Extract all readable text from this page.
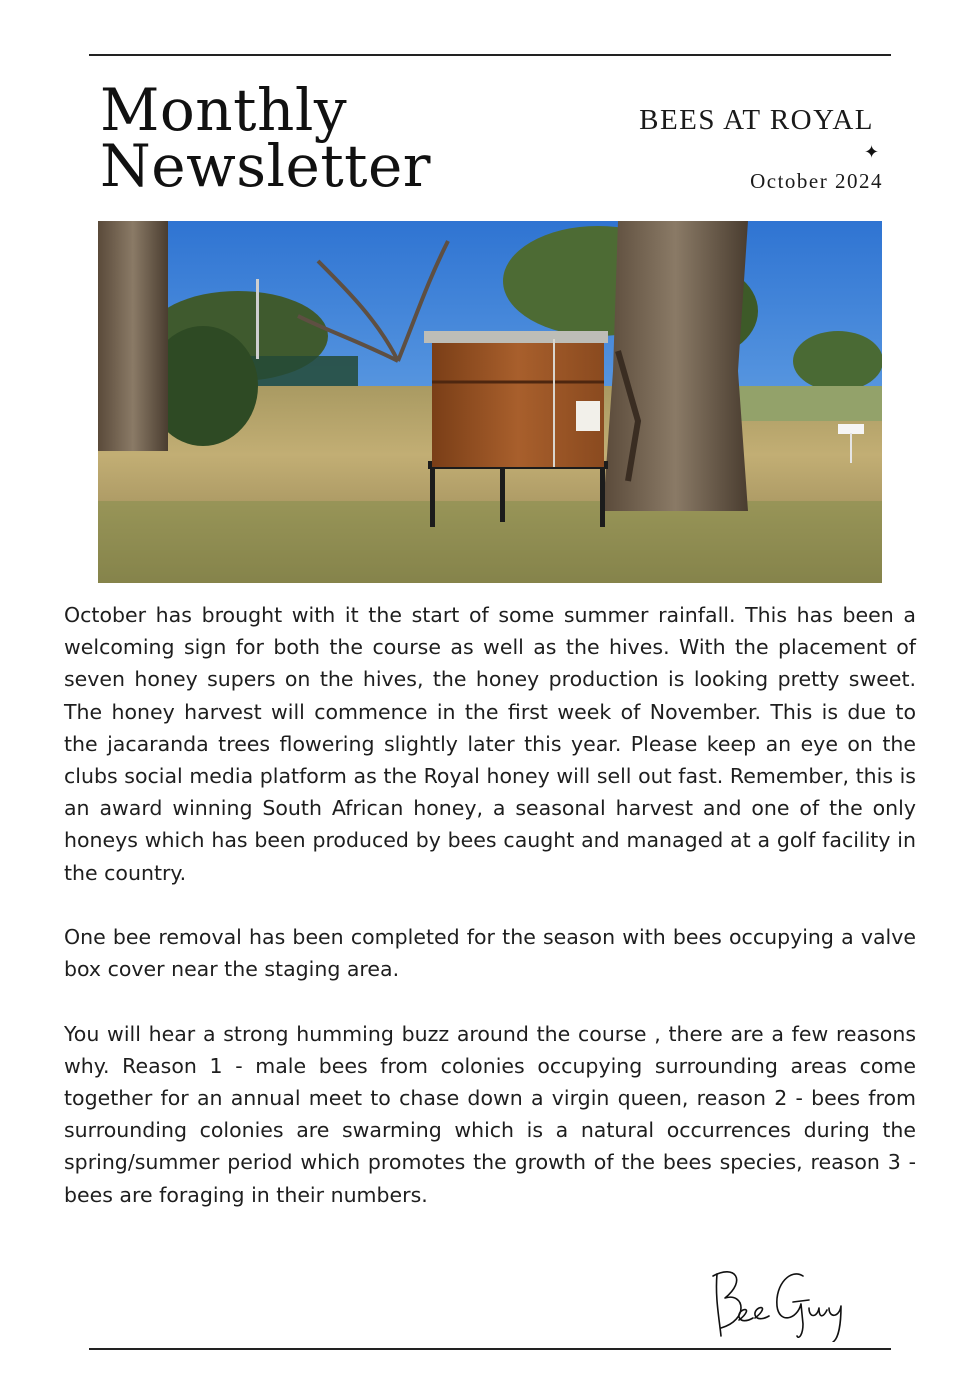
Monthly
Newsletter
BEES AT ROYAL
✦
October 2024

October has brought with it the start of some summer rainfall. This has been a welcoming sign for both the course as well as the hives. With the placement of seven honey supers on the hives, the honey production is looking pretty sweet. The honey harvest will commence in the first week of November. This is due to the jacaranda trees flowering slightly later this year. Please keep an eye on the clubs social media platform as the Royal honey will sell out fast. Remember, this is an award winning South African honey, a seasonal harvest and one of the only honeys which has been produced by bees caught and managed at a golf facility in the country.

One bee removal has been completed for the season with bees occupying a valve box cover near the staging area.

You will hear a strong humming buzz around the course , there are a few reasons why. Reason 1 - male bees from colonies occupying surrounding areas come together for an annual meet to chase down a virgin queen, reason 2 - bees from surrounding colonies are swarming which is a natural occurrences during the spring/summer period which promotes the growth of the bees species, reason 3 - bees are foraging in their numbers.
